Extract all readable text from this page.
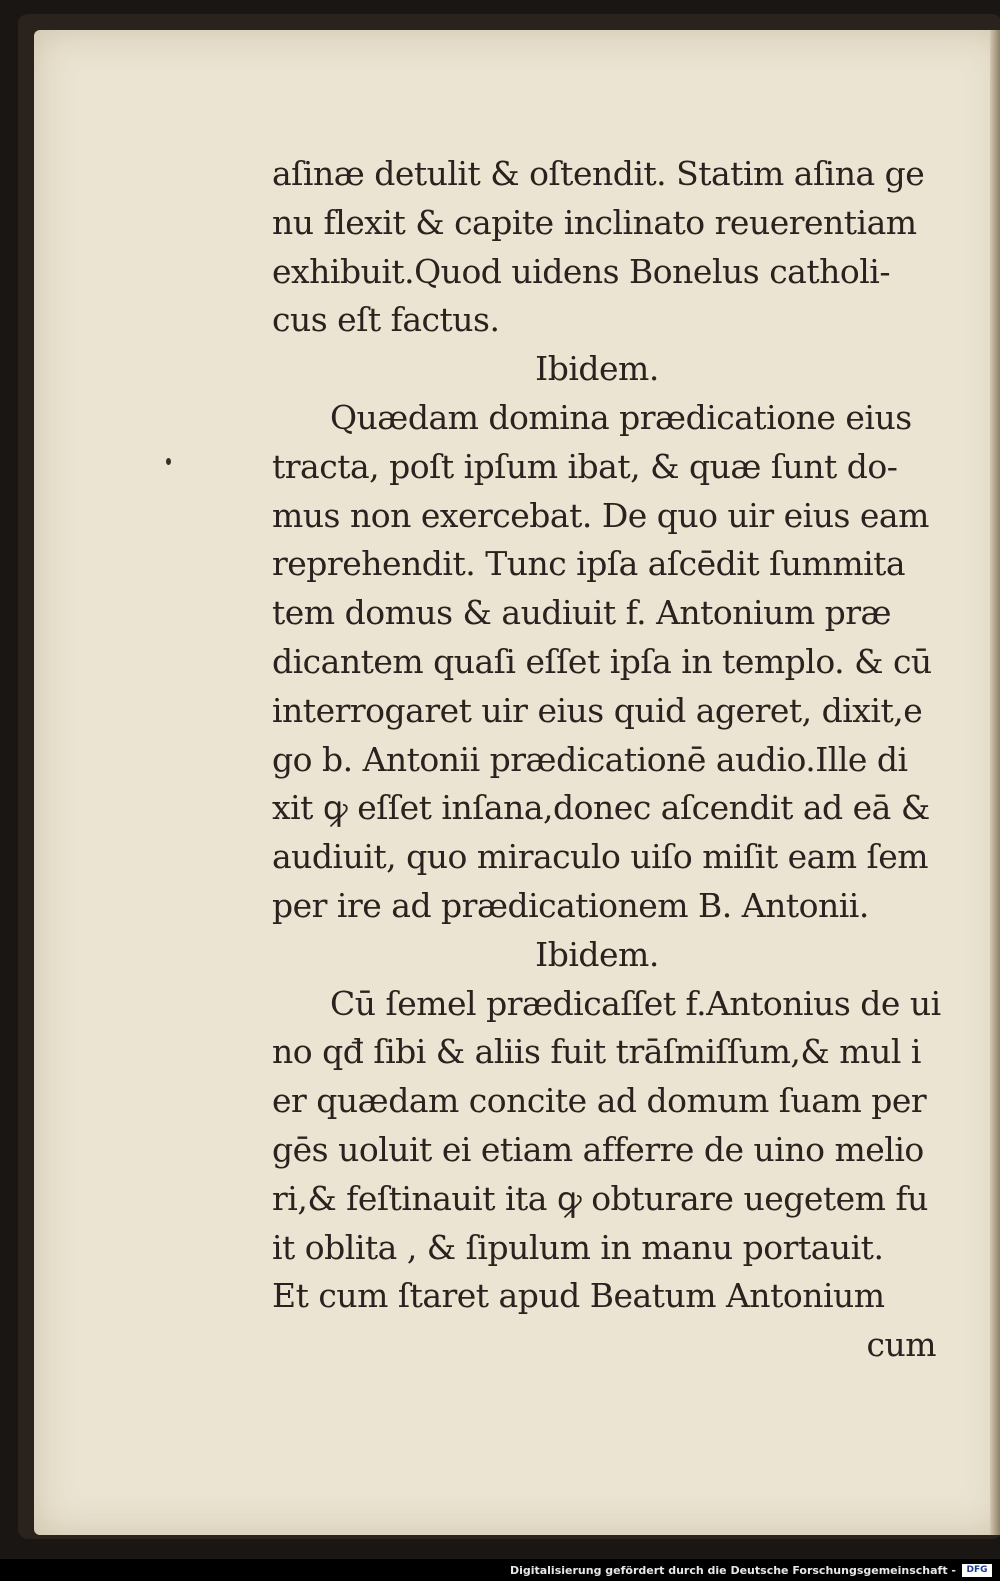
aſinæ detulit & oſtendit. Statim aſina ge
nu flexit & capite inclinato reuerentiam
exhibuit.Quod uidens Bonelus catholi-
cus eſt factus.
Ibidem.
Quædam domina prædicatione eius
tracta, poſt ipſum ibat, & quæ ſunt do-
mus non exercebat. De quo uir eius eam
reprehendit. Tunc ipſa aſcēdit ſummita
tem domus & audiuit f. Antonium præ
dicantem quaſi eſſet ipſa in templo. & cū
interrogaret uir eius quid ageret, dixit,e
go b. Antonii prædicationē audio.Ille di
xit ꝙ eſſet inſana,donec aſcendit ad eā &
audiuit, quo miraculo uiſo miſit eam ſem
per ire ad prædicationem B. Antonii.
Ibidem.
Cū ſemel prædicaſſet f.Antonius de ui
no qđ ſibi & aliis fuit trāſmiſſum,& mul i
er quædam concite ad domum ſuam per
gēs uoluit ei etiam afferre de uino melio
ri,& feſtinauit ita ꝙ obturare uegetem fu
it oblita , & ſipulum in manu portauit.
Et cum ſtaret apud Beatum Antonium
cum
Digitalisierung gefördert durch die Deutsche Forschungsgemeinschaft -	DFG
